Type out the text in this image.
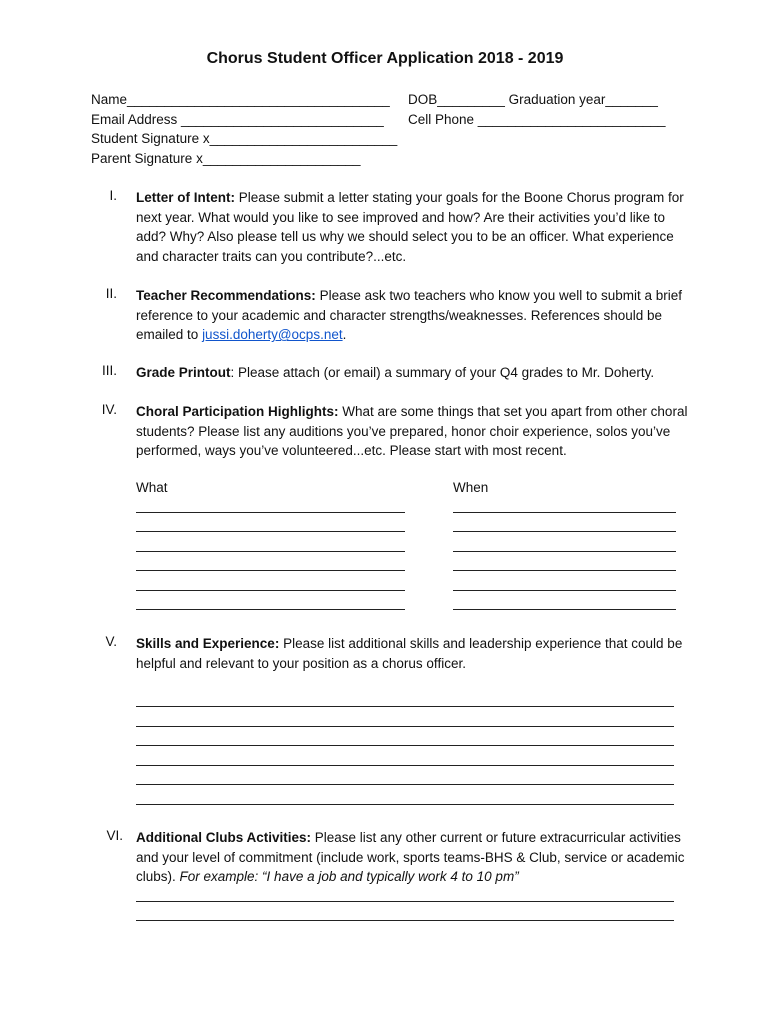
Chorus Student Officer Application 2018 - 2019
Name___________________________________ DOB_________ Graduation year_______
Email Address ___________________________ Cell Phone _________________________
Student Signature x_________________________
Parent Signature x_____________________
I. Letter of Intent: Please submit a letter stating your goals for the Boone Chorus program for next year. What would you like to see improved and how? Are their activities you’d like to add? Why? Also please tell us why we should select you to be an officer. What experience and character traits can you contribute?...etc.
II. Teacher Recommendations: Please ask two teachers who know you well to submit a brief reference to your academic and character strengths/weaknesses. References should be emailed to jussi.doherty@ocps.net.
III. Grade Printout: Please attach (or email) a summary of your Q4 grades to Mr. Doherty.
IV. Choral Participation Highlights: What are some things that set you apart from other choral students? Please list any auditions you’ve prepared, honor choir experience, solos you’ve performed, ways you’ve volunteered...etc. Please start with most recent.
What	When
V. Skills and Experience: Please list additional skills and leadership experience that could be helpful and relevant to your position as a chorus officer.
VI. Additional Clubs Activities: Please list any other current or future extracurricular activities and your level of commitment (include work, sports teams-BHS & Club, service or academic clubs). For example: “I have a job and typically work 4 to 10 pm”
